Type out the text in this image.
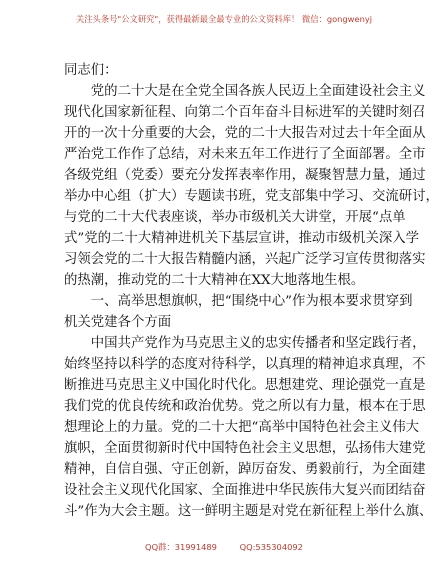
关注头条号"公文研究"，获得最新最全最专业的公文资料库！ 微信：gongwenyj
同志们：
党的二十大是在全党全国各族人民迈上全面建设社会主义
现代化国家新征程、向第二个百年奋斗目标进军的关键时刻召
开的一次十分重要的大会，党的二十大报告对过去十年全面从
严治党工作作了总结，对未来五年工作进行了全面部署。全市
各级党组（党委）要充分发挥表率作用，凝聚智慧力量，通过
举办中心组（扩大）专题读书班，党支部集中学习、交流研讨，
与党的二十大代表座谈，举办市级机关大讲堂，开展“点单
式”党的二十大精神进机关下基层宣讲，推动市级机关深入学
习领会党的二十大报告精髓内涵，兴起广泛学习宣传贯彻落实
的热潮，推动党的二十大精神在XX大地落地生根。
一、高举思想旗帜，把“围绕中心”作为根本要求贯穿到
机关党建各个方面
中国共产党作为马克思主义的忠实传播者和坚定践行者，
始终坚持以科学的态度对待科学，以真理的精神追求真理，不
断推进马克思主义中国化时代化。思想建党、理论强党一直是
我们党的优良传统和政治优势。党之所以有力量，根本在于思
想理论上的力量。党的二十大把“高举中国特色社会主义伟大
旗帜，全面贯彻新时代中国特色社会主义思想，弘扬伟大建党
精神，自信自强、守正创新，踔厉奋发、勇毅前行，为全面建
设社会主义现代化国家、全面推进中华民族伟大复兴而团结奋
斗”作为大会主题。这一鲜明主题是对党在新征程上举什么旗、
QQ群：31991489	QQ:535304092
